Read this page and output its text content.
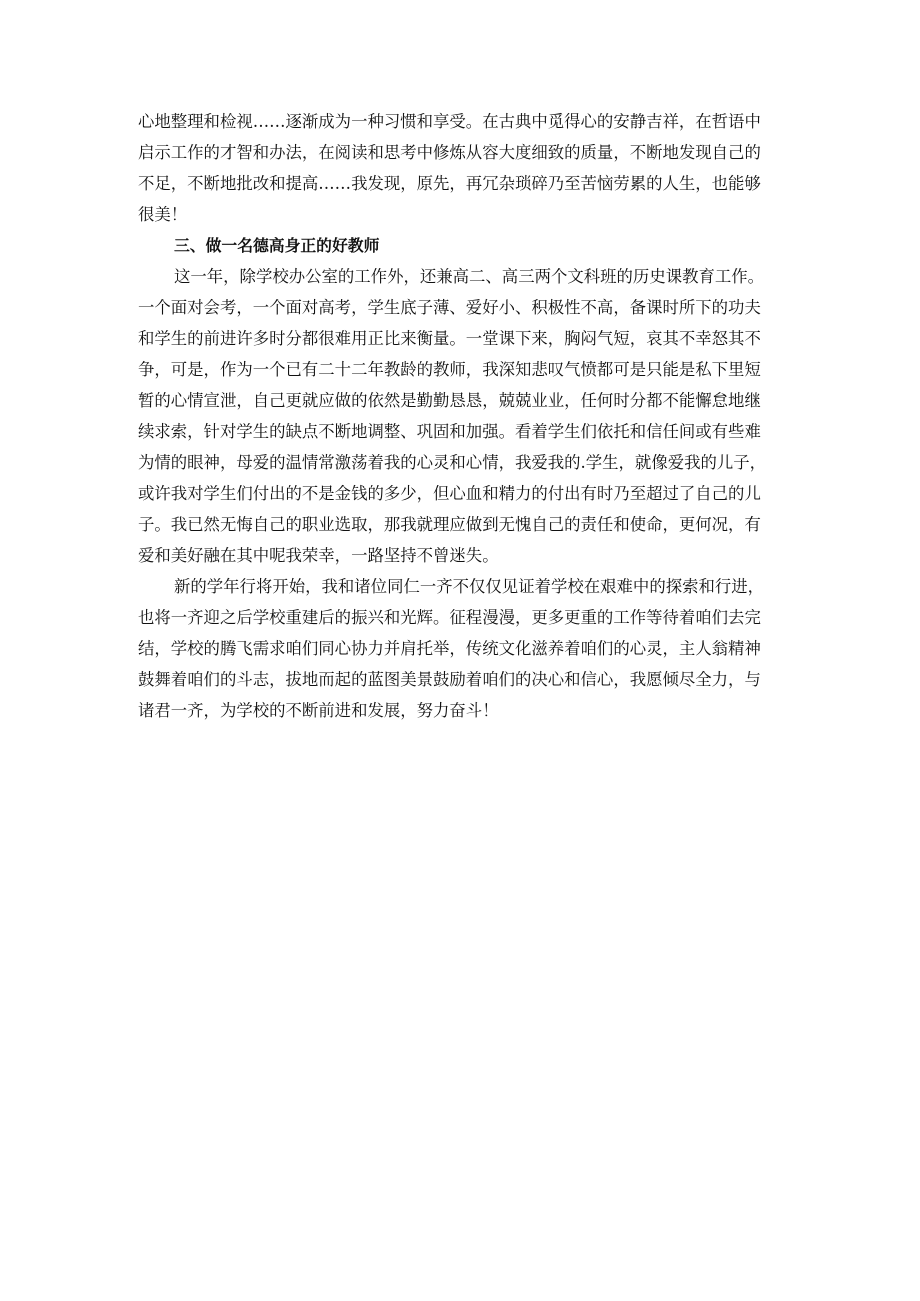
心地整理和检视……逐渐成为一种习惯和享受。在古典中觅得心的安静吉祥，在哲语中
启示工作的才智和办法，在阅读和思考中修炼从容大度细致的质量，不断地发现自己的
不足，不断地批改和提高……我发现，原先，再冗杂琐碎乃至苦恼劳累的人生，也能够
很美！
三、做一名德高身正的好教师
这一年，除学校办公室的工作外，还兼高二、高三两个文科班的历史课教育工作。
一个面对会考，一个面对高考，学生底子薄、爱好小、积极性不高，备课时所下的功夫
和学生的前进许多时分都很难用正比来衡量。一堂课下来，胸闷气短，哀其不幸怒其不
争，可是，作为一个已有二十二年教龄的教师，我深知悲叹气愤都可是只能是私下里短
暂的心情宣泄，自己更就应做的依然是勤勤恳恳，兢兢业业，任何时分都不能懈怠地继
续求索，针对学生的缺点不断地调整、巩固和加强。看着学生们依托和信任间或有些难
为情的眼神，母爱的温情常激荡着我的心灵和心情，我爱我的.学生，就像爱我的儿子，
或许我对学生们付出的不是金钱的多少，但心血和精力的付出有时乃至超过了自己的儿
子。我已然无悔自己的职业选取，那我就理应做到无愧自己的责任和使命，更何况，有
爱和美好融在其中呢我荣幸，一路坚持不曾迷失。
新的学年行将开始，我和诸位同仁一齐不仅仅见证着学校在艰难中的探索和行进，
也将一齐迎之后学校重建后的振兴和光辉。征程漫漫，更多更重的工作等待着咱们去完
结，学校的腾飞需求咱们同心协力并肩托举，传统文化滋养着咱们的心灵，主人翁精神
鼓舞着咱们的斗志，拔地而起的蓝图美景鼓励着咱们的决心和信心，我愿倾尽全力，与
诸君一齐，为学校的不断前进和发展，努力奋斗！
